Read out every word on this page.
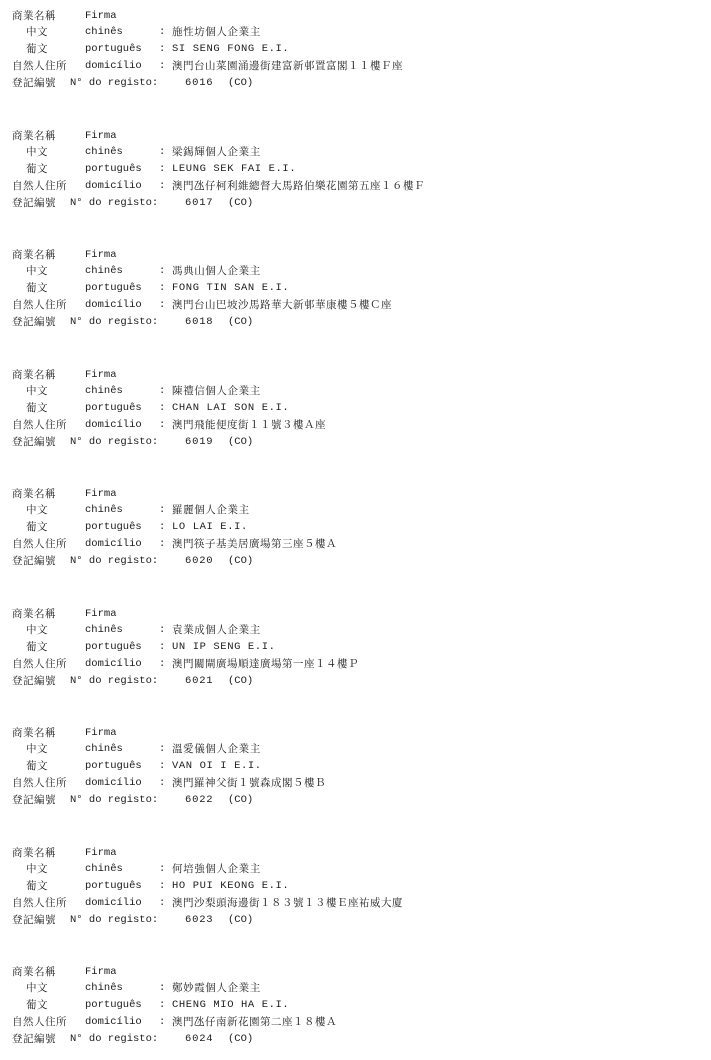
商業名稱	Firma
中文	chinês	: 施性坊個人企業主
葡文	português : SI SENG FONG E.I.
自然人住所 domicílio : 澳門台山菜園涌邊街建富新邨置富閣１１樓Ｆ座
登記編號 N° do registo:	6016 (CO)
商業名稱	Firma
中文	chinês	: 梁錫輝個人企業主
葡文	português : LEUNG SEK FAI E.I.
自然人住所 domicílio : 澳門氹仔柯利維總督大馬路伯樂花園第五座１６樓Ｆ
登記編號 N° do registo:	6017 (CO)
商業名稱	Firma
中文	chinês	: 馮典山個人企業主
葡文	português : FONG TIN SAN E.I.
自然人住所 domicílio : 澳門台山巴坡沙馬路華大新邨華康樓５樓Ｃ座
登記編號 N° do registo:	6018 (CO)
商業名稱	Firma
中文	chinês	: 陳禮信個人企業主
葡文	português : CHAN LAI SON E.I.
自然人住所 domicílio : 澳門飛能便度街１１號３樓Ａ座
登記編號 N° do registo:	6019 (CO)
商業名稱	Firma
中文	chinês	: 羅麗個人企業主
葡文	português : LO LAI E.I.
自然人住所 domicílio : 澳門筷子基美居廣場第三座５樓Ａ
登記編號 N° do registo:	6020 (CO)
商業名稱	Firma
中文	chinês	: 袁業成個人企業主
葡文	português : UN IP SENG E.I.
自然人住所 domicílio : 澳門關閘廣場順達廣場第一座１４樓Ｐ
登記編號 N° do registo:	6021 (CO)
商業名稱	Firma
中文	chinês	: 溫愛儀個人企業主
葡文	português : VAN OI I E.I.
自然人住所 domicílio : 澳門羅神父街１號森成閣５樓Ｂ
登記編號 N° do registo:	6022 (CO)
商業名稱	Firma
中文	chinês	: 何培強個人企業主
葡文	português : HO PUI KEONG E.I.
自然人住所 domicílio : 澳門沙梨頭海邊街１８３號１３樓Ｅ座祐威大廈
登記編號 N° do registo:	6023 (CO)
商業名稱	Firma
中文	chinês	: 鄭妙霞個人企業主
葡文	português : CHENG MIO HA E.I.
自然人住所 domicílio : 澳門氹仔南新花園第二座１８樓Ａ
登記編號 N° do registo:	6024 (CO)
